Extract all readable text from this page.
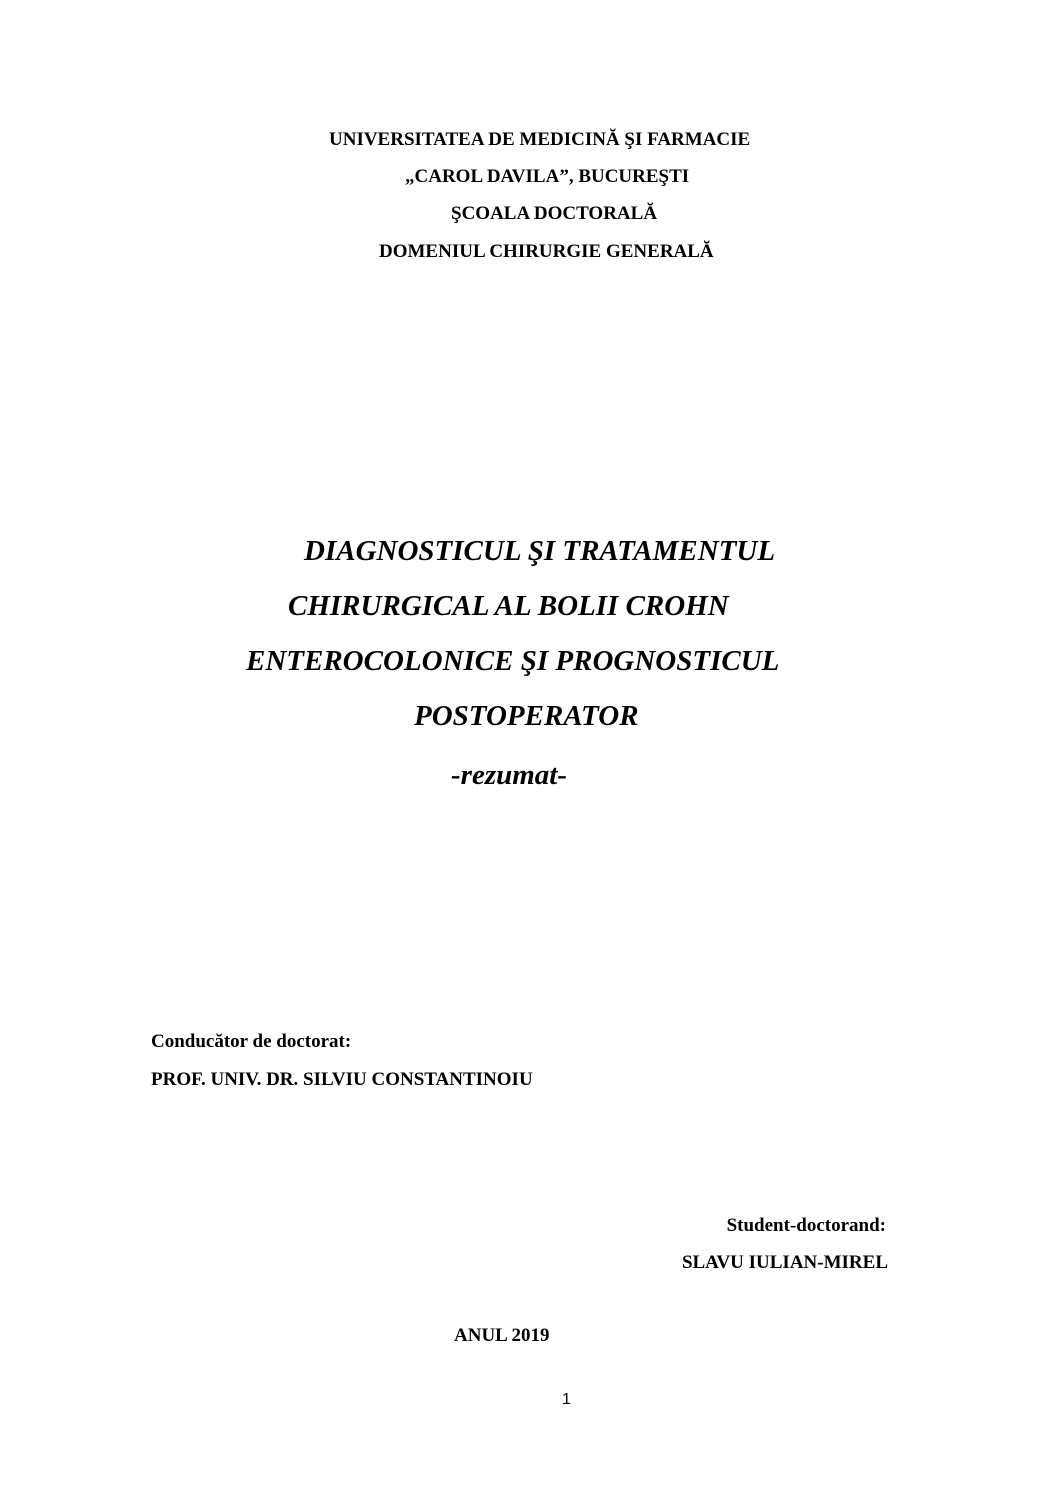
UNIVERSITATEA DE MEDICINĂ ŞI FARMACIE
„CAROL DAVILA”, BUCUREŞTI
ŞCOALA DOCTORALĂ
DOMENIUL CHIRURGIE GENERALĂ
DIAGNOSTICUL ŞI TRATAMENTUL
CHIRURGICAL AL BOLII CROHN
ENTEROCOLONICE ŞI PROGNOSTICUL
POSTOPERATOR
-rezumat-
Conducător de doctorat:
PROF. UNIV. DR. SILVIU CONSTANTINOIU
Student-doctorand:
SLAVU IULIAN-MIREL
ANUL 2019
1
